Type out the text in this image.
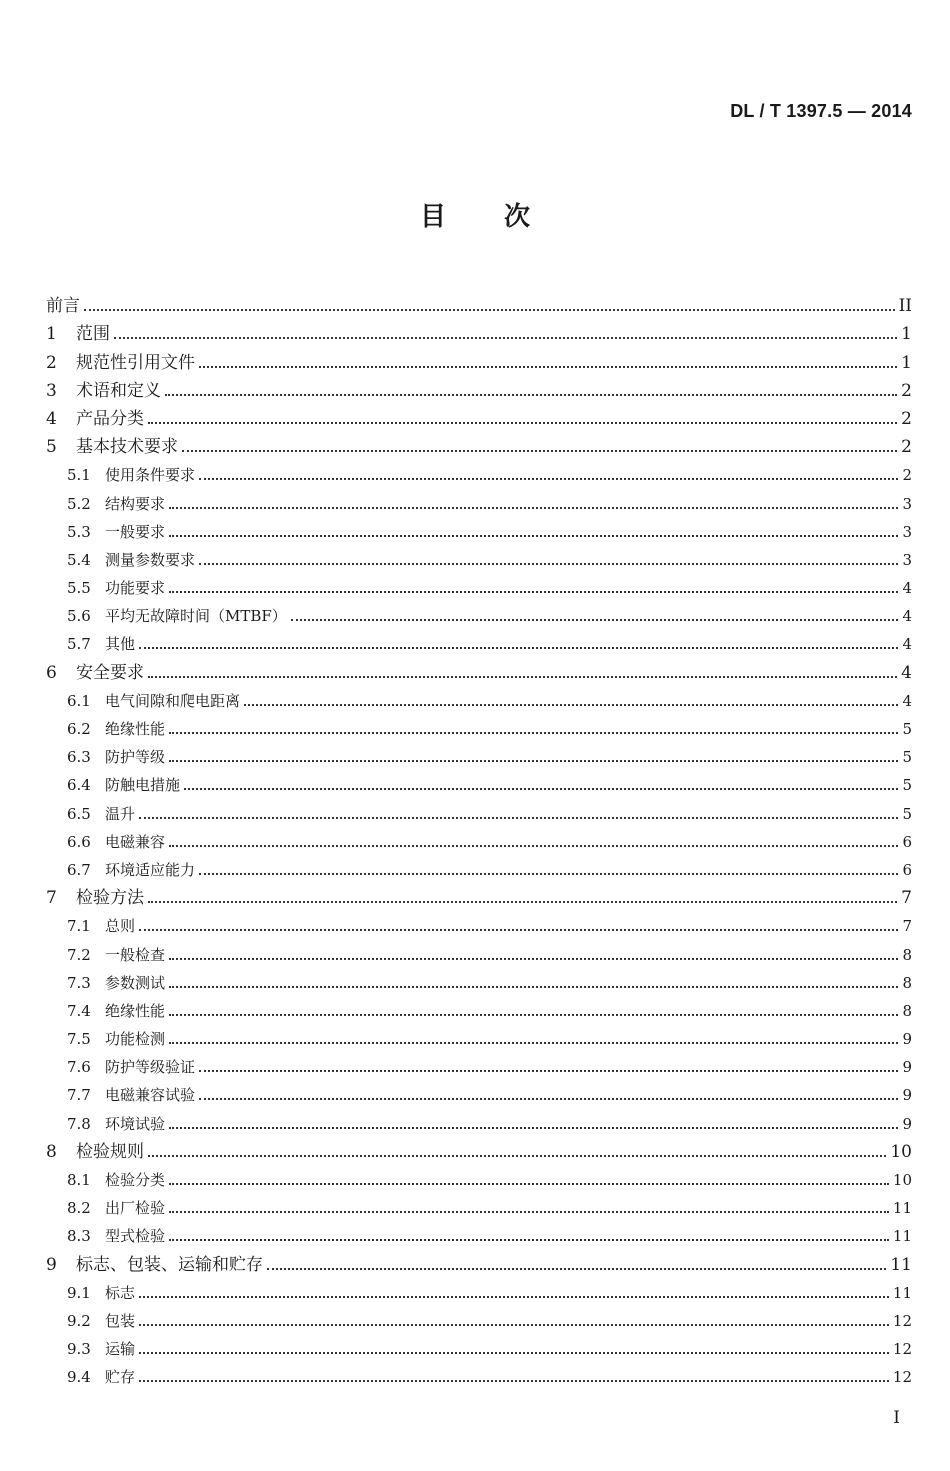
DL / T 1397.5 — 2014
目 次
前言	II
1	范围	1
2	规范性引用文件	1
3	术语和定义	2
4	产品分类	2
5	基本技术要求	2
5.1 使用条件要求	2
5.2 结构要求	3
5.3 一般要求	3
5.4 测量参数要求	3
5.5 功能要求	4
5.6 平均无故障时间（MTBF）	4
5.7 其他	4
6	安全要求	4
6.1 电气间隙和爬电距离	4
6.2 绝缘性能	5
6.3 防护等级	5
6.4 防触电措施	5
6.5 温升	5
6.6 电磁兼容	6
6.7 环境适应能力	6
7	检验方法	7
7.1 总则	7
7.2 一般检查	8
7.3 参数测试	8
7.4 绝缘性能	8
7.5 功能检测	9
7.6 防护等级验证	9
7.7 电磁兼容试验	9
7.8 环境试验	9
8	检验规则	10
8.1 检验分类	10
8.2 出厂检验	11
8.3 型式检验	11
9	标志、包装、运输和贮存	11
9.1 标志	11
9.2 包装	12
9.3 运输	12
9.4 贮存	12
I
